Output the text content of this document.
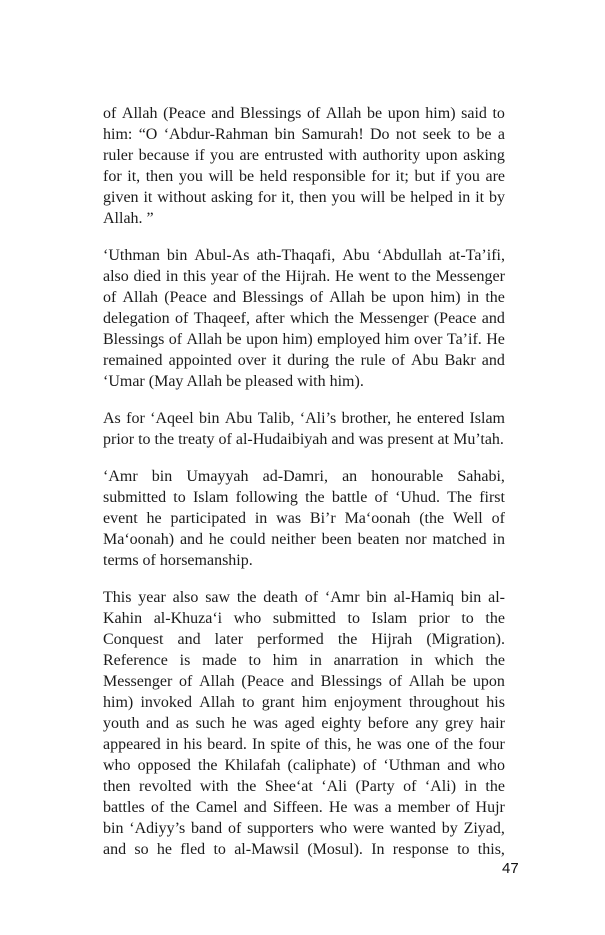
of Allah (Peace and Blessings of Allah be upon him) said to
him: “O ‘Abdur-Rahman bin Samurah! Do not seek to be a
ruler because if you are entrusted with authority upon asking
for it, then you will be held responsible for it; but if you are
given it without asking for it, then you will be helped in it by
Allah. ”
‘Uthman bin Abul-As ath-Thaqafi, Abu ‘Abdullah at-Ta’ifi,
also died in this year of the Hijrah. He went to the Messenger
of Allah (Peace and Blessings of Allah be upon him) in the
delegation of Thaqeef, after which the Messenger (Peace and
Blessings of Allah be upon him) employed him over Ta’if. He
remained appointed over it during the rule of Abu Bakr and
‘Umar (May Allah be pleased with him).
As for ‘Aqeel bin Abu Talib, ‘Ali’s brother, he entered Islam
prior to the treaty of al-Hudaibiyah and was present at Mu’tah.
‘Amr bin Umayyah ad-Damri, an honourable Sahabi,
submitted to Islam following the battle of ‘Uhud. The first
event he participated in was Bi’r Ma‘oonah (the Well of
Ma‘oonah) and he could neither been beaten nor matched in
terms of horsemanship.
This year also saw the death of ‘Amr bin al-Hamiq bin al-
Kahin al-Khuza‘i who submitted to Islam prior to the
Conquest and later performed the Hijrah (Migration).
Reference is made to him in anarration in which the
Messenger of Allah (Peace and Blessings of Allah be upon
him) invoked Allah to grant him enjoyment throughout his
youth and as such he was aged eighty before any grey hair
appeared in his beard. In spite of this, he was one of the four
who opposed the Khilafah (caliphate) of ‘Uthman and who
then revolted with the Shee‘at ‘Ali (Party of ‘Ali) in the
battles of the Camel and Siffeen. He was a member of Hujr
bin ‘Adiyy’s band of supporters who were wanted by Ziyad,
and so he fled to al-Mawsil (Mosul). In response to this,
47
